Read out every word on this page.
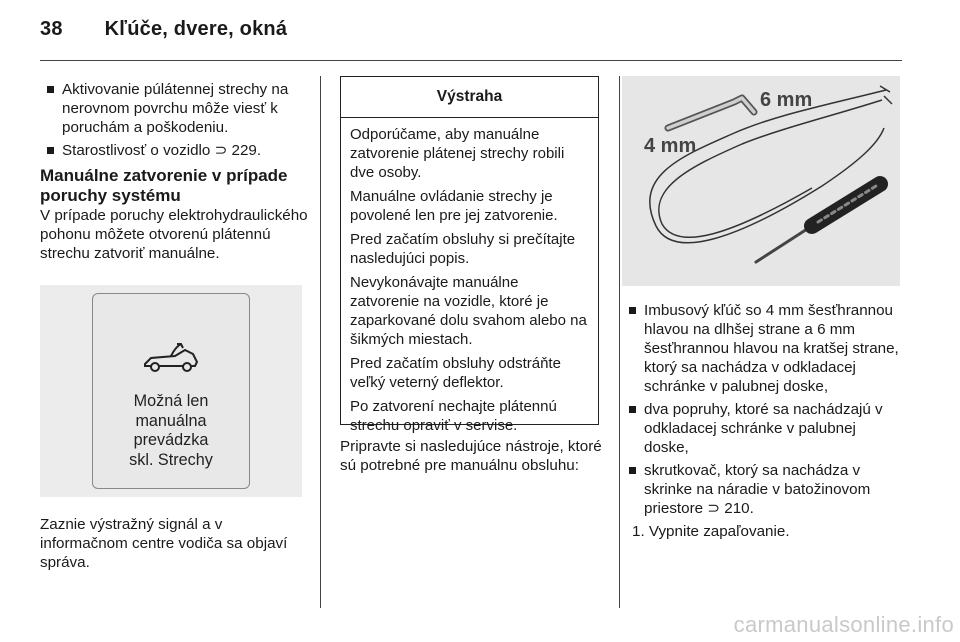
38 Kľúče, dvere, okná
Aktivovanie púlátennej strechy na nerovnom povrchu môže viesť k poruchám a poškodeniu.
Starostlivosť o vozidlo ⊃ 229.
Manuálne zatvorenie v prípade poruchy systému

V prípade poruchy elektrohydraulického pohonu môžete otvorenú plátennú strechu zatvoriť manuálne.

Možná len
manuálna
prevádzka
skl. Strechy

Zaznie výstražný signál a v informačnom centre vodiča sa objaví správa.

Výstraha

Odporúčame, aby manuálne zatvorenie plátenej strechy robili dve osoby.

Manuálne ovládanie strechy je povolené len pre jej zatvorenie.

Pred začatím obsluhy si prečítajte nasledujúci popis.

Nevykonávajte manuálne zatvorenie na vozidle, ktoré je zaparkované dolu svahom alebo na šikmých miestach.

Pred začatím obsluhy odstráňte veľký veterný deflektor.

Po zatvorení nechajte plátennú strechu opraviť v servise.

Pripravte si nasledujúce nástroje, ktoré sú potrebné pre manuálnu obsluhu:

6 mm
4 mm
Imbusový kľúč so 4 mm šesťhrannou hlavou na dlhšej strane a 6 mm šesťhrannou hlavou na kratšej strane, ktorý sa nachádza v odkladacej schránke v palubnej doske,
dva popruhy, ktoré sa nachádzajú v odkladacej schránke v palubnej doske,
skrutkovač, ktorý sa nachádza v skrinke na náradie v batožinovom priestore ⊃ 210.
1. Vypnite zapaľovanie.
carmanualsonline.info
